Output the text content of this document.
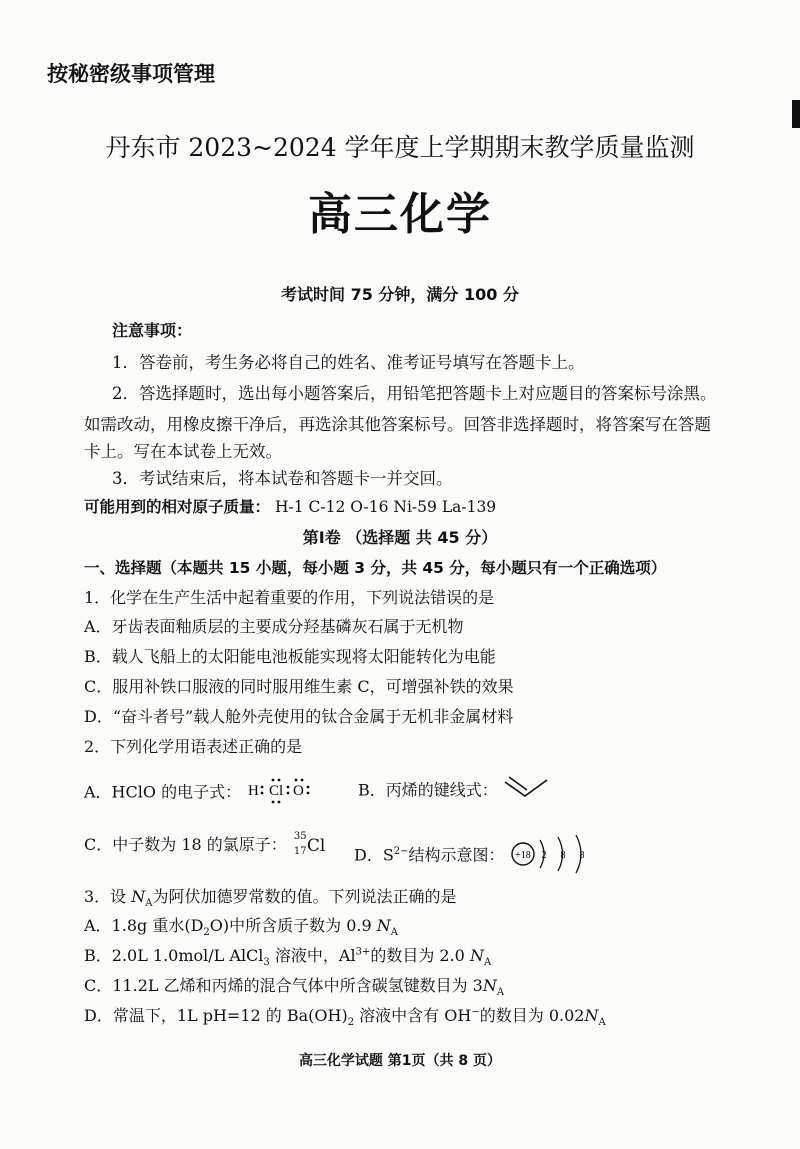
按秘密级事项管理
丹东市 2023~2024 学年度上学期期末教学质量监测
高三化学
考试时间 75 分钟，满分 100 分
注意事项：
1．答卷前，考生务必将自己的姓名、准考证号填写在答题卡上。
2．答选择题时，选出每小题答案后，用铅笔把答题卡上对应题目的答案标号涂黑。
如需改动，用橡皮擦干净后，再选涂其他答案标号。回答非选择题时，将答案写在答题
卡上。写在本试卷上无效。
3．考试结束后，将本试卷和答题卡一并交回。
可能用到的相对原子质量： H-1 C-12 O-16 Ni-59 La-139
第Ⅰ卷 （选择题 共 45 分）
一、选择题（本题共 15 小题，每小题 3 分，共 45 分，每小题只有一个正确选项）
1．化学在生产生活中起着重要的作用，下列说法错误的是
A．牙齿表面釉质层的主要成分羟基磷灰石属于无机物
B．载人飞船上的太阳能电池板能实现将太阳能转化为电能
C．服用补铁口服液的同时服用维生素 C，可增强补铁的效果
D．“奋斗者号”载人舱外壳使用的钛合金属于无机非金属材料
2．下列化学用语表述正确的是
A．HClO 的电子式： H Cl O	B．丙烯的键线式：
C．中子数为 18 的氯原子： 35
17 Cl D．$S^{2-}$结构示意图： +18 2 8 8
3．设 $N_A$为阿伏加德罗常数的值。下列说法正确的是
A．1.8g 重水$(D_2O)$中所含质子数为 0.9 $N_A$
B．2.0L 1.0mol/L AlCl$_3$ 溶液中，$Al^{3+}$的数目为 2.0 $N_A$
C．11.2L 乙烯和丙烯的混合气体中所含碳氢键数目为 $3N_A$
D．常温下，1L pH=12 的 $Ba(OH)_2$ 溶液中含有 OH−的数目为 $0.02N_A$
高三化学试题 第1页（共 8 页）
